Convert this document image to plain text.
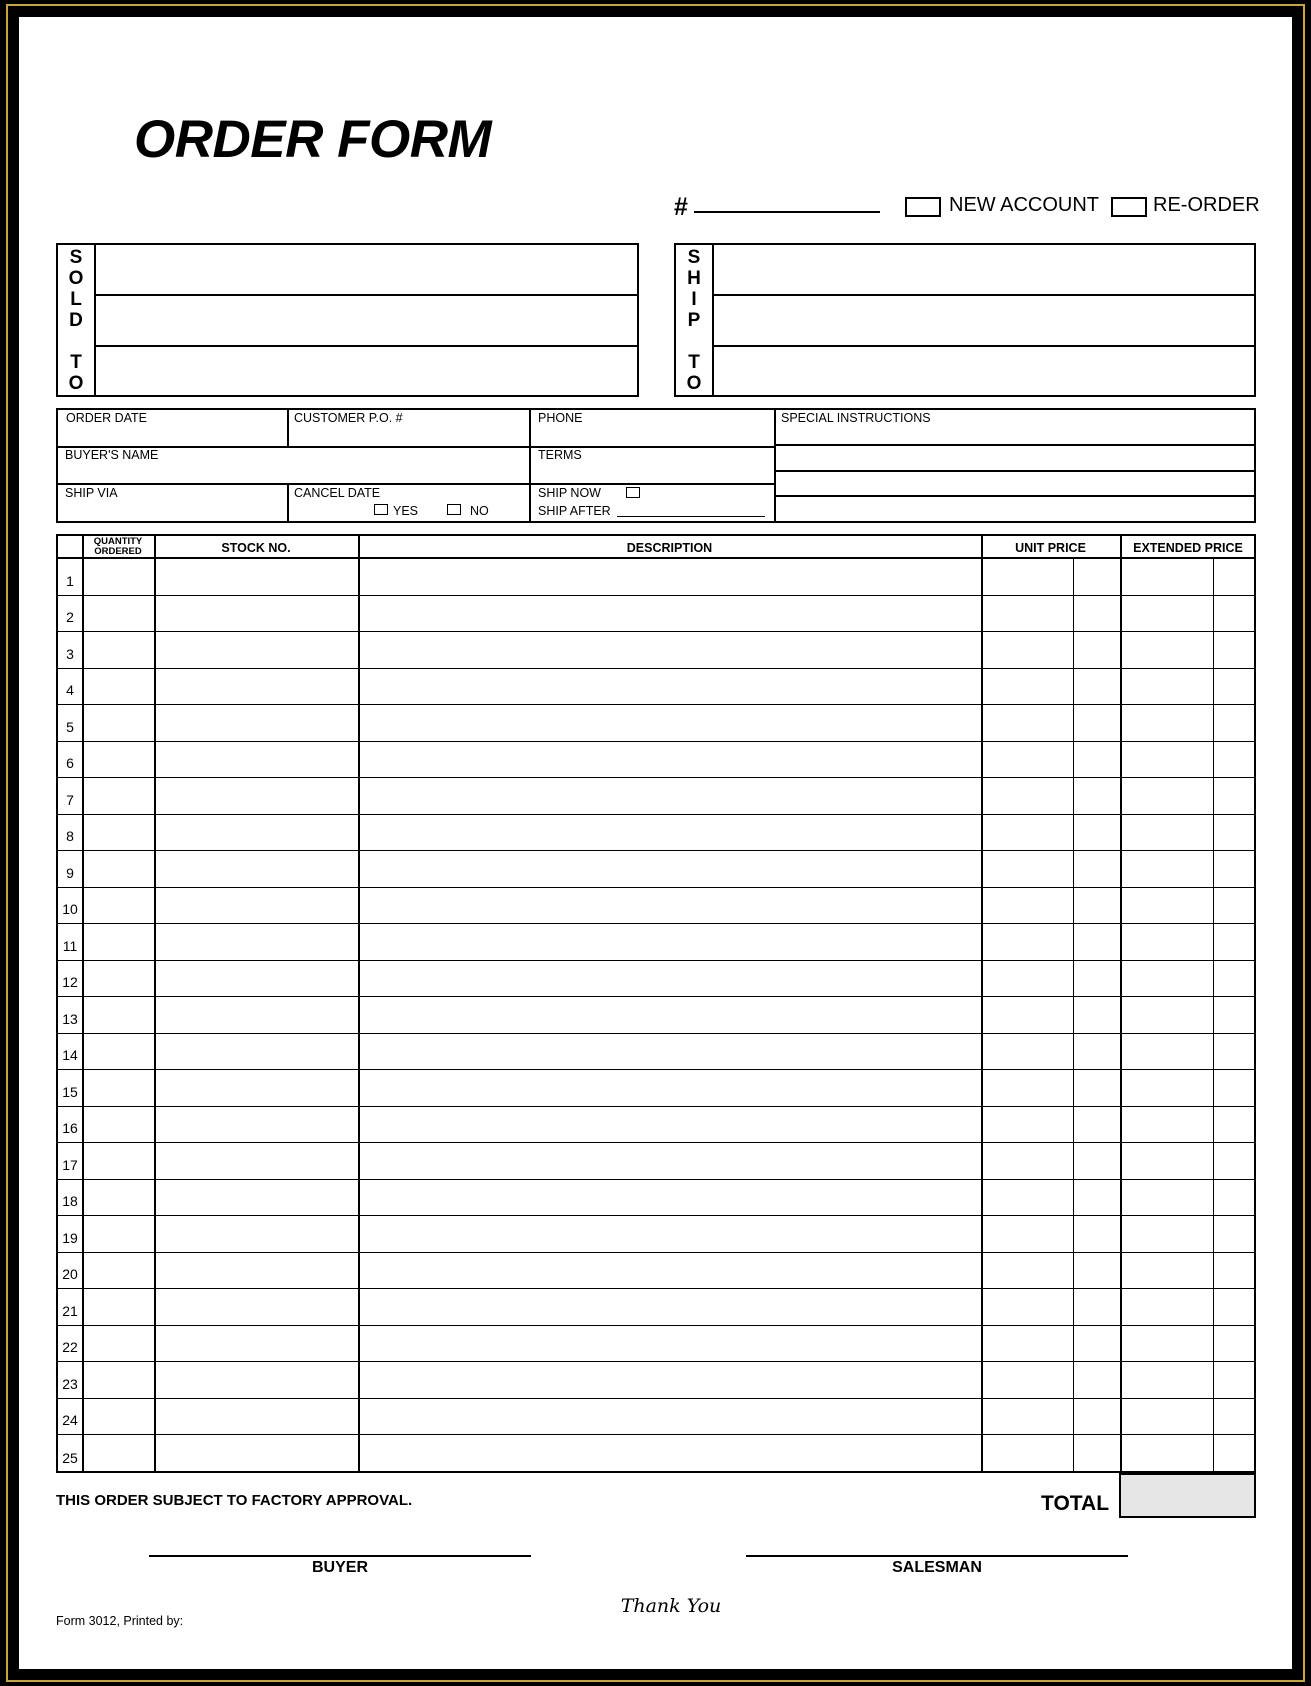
ORDER FORM
#	NEW ACCOUNT	RE-ORDER
S
O
L
D
T
O
S
H
I
P
T
O
ORDER DATE	CUSTOMER P.O. #	PHONE	SPECIAL INSTRUCTIONS
BUYER'S NAME	TERMS
SHIP VIA	CANCEL DATE
YES	NO
SHIP NOW
SHIP AFTER
QUANTITY
ORDERED	STOCK NO.	DESCRIPTION	UNIT PRICE	EXTENDED PRICE
1
2
3
4
5
6
7
8
9
10
11
12
13
14
15
16
17
18
19
20
21
22
23
24
25
THIS ORDER SUBJECT TO FACTORY APPROVAL.	TOTAL
BUYER	SALESMAN
Thank You
Form 3012, Printed by:
